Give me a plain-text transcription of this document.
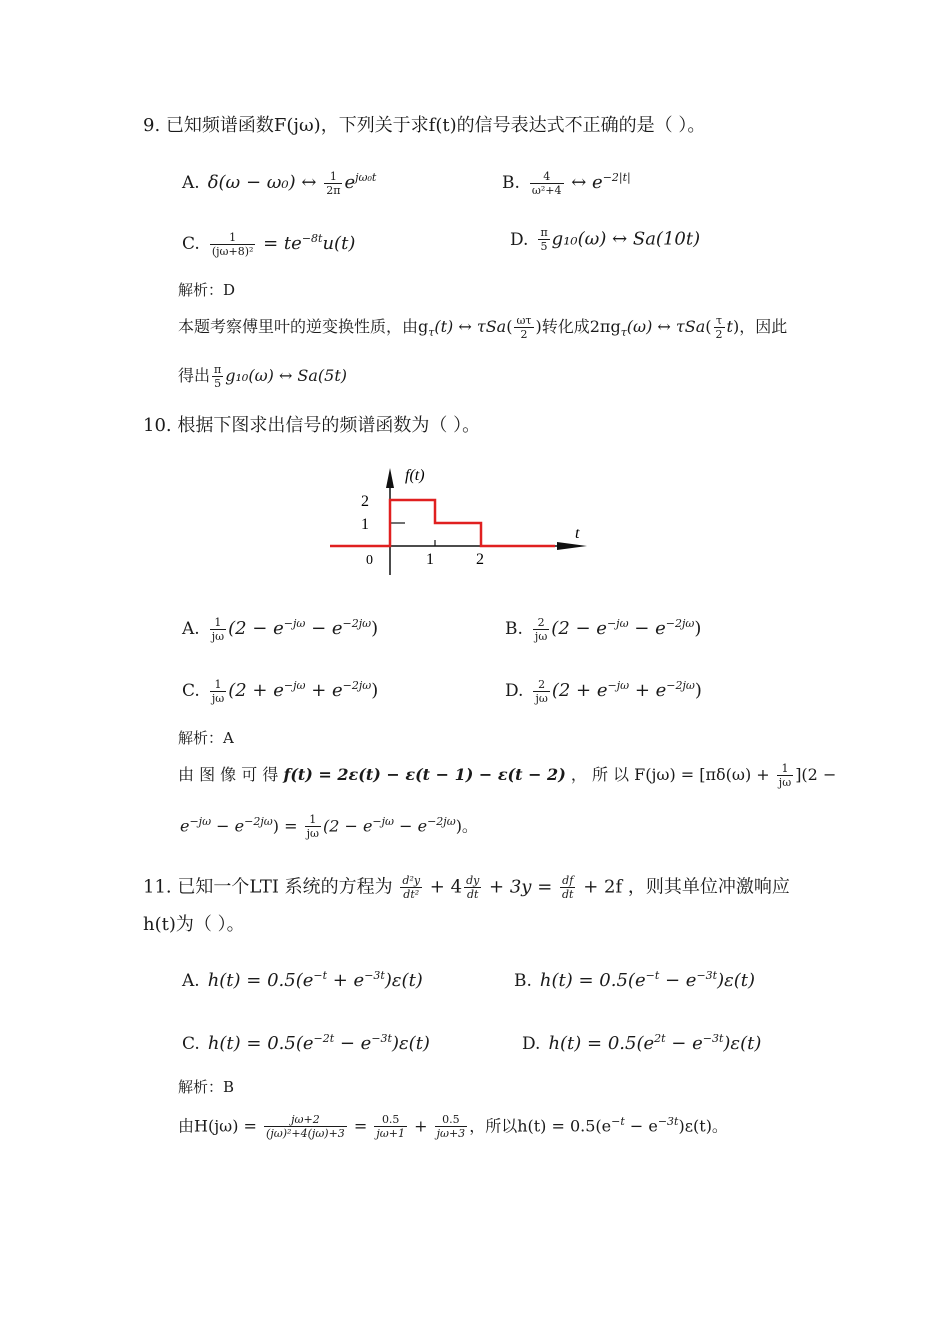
9. 已知频谱函数F(jω)，下列关于求f(t)的信号表达式不正确的是（ ）。
A. δ(ω − ω₀) ↔ $\frac{1}{2\pi} e^{j\omega_0t}$	B. $\frac{4}{\text{ω²+4}}$ ↔ $e^{-2|t|}$
C. $\frac{1}{\text{(jω+8)²}} = te^{-8t}u(t)$	D. $\frac{\pi}{5} g_{10}(\omega)$ ↔ Sa(10t)
解析：D
本题考察傅里叶的逆变换性质，由$g_\tau(t)$ ↔ $\tau Sa( \frac{\omega\tau}{2}$ )转化成$2\pi g_\tau(\omega)$ ↔ $\tau Sa( \frac{\tau}{2} t)$，因此
得出 $\frac{\pi}{5} g_{10}(\omega)$ ↔ Sa(5t)
10. 根据下图求出信号的频谱函数为（ ）。
f(t)
t
2
1
0	1	2
A. $\frac{1}{j\omega} (2 - e^{-j\omega} - e^{-2j\omega})$	B. $\frac{2}{j\omega} (2 - e^{-j\omega} - e^{-2j\omega})$
C. $\frac{1}{j\omega} (2 + e^{-j\omega} + e^{-2j\omega})$	D. $\frac{2}{j\omega} (2 + e^{-j\omega} + e^{-2j\omega})$
解析：A
由 图 像 可 得 f(t) = 2ε(t) − ε(t − 1) − ε(t − 2) ， 所 以 $F(j\omega) = [\pi\delta(\omega) + \frac{1}{j\omega} ](2$ −
$e^{-j\omega} - e^{-2j\omega}) = \frac{1}{j\omega} (2 - e^{-j\omega} - e^{-2j\omega})$。
11. 已知一个LTI 系统的方程为 $\frac{\text{d²y}}{\text{dt²}} + 4 \frac{dy}{dt} + 3y = \frac{df}{dt} + 2f$ ，则其单位冲激响应
h(t)为（ ）。
A. $h(t) = 0.5(e^{-t} + e^{-3t})\varepsilon(t)$	B. $h(t) = 0.5(e^{-t} - e^{-3t})\varepsilon(t)$
C. $h(t) = 0.5(e^{-2t} - e^{-3t})\varepsilon(t)$	D. $h(t) = 0.5(e^{2t} - e^{-3t})\varepsilon(t)$
解析：B
由$H(j\omega) = \frac{j\omega+2}{\text{(jω)²+4(jω)+3}} = \frac{0.5}{j\omega+1} + \frac{0.5}{j\omega+3}$ ，所以$h(t) = 0.5(e^{-t} - e^{-3t})\varepsilon(t)$。
